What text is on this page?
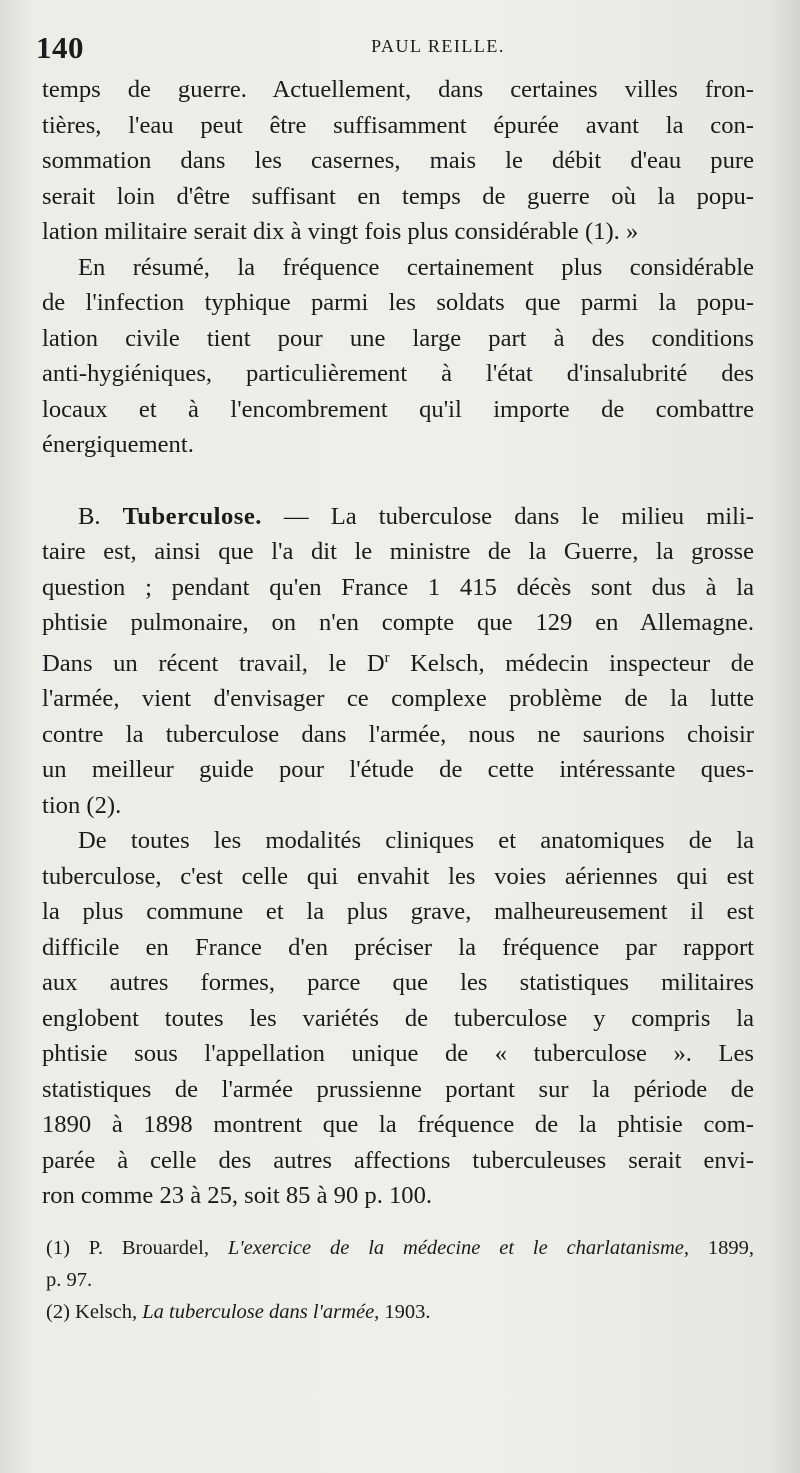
140	PAUL REILLE.

temps de guerre. Actuellement, dans certaines villes fron-

tières, l'eau peut être suffisamment épurée avant la con-

sommation dans les casernes, mais le débit d'eau pure

serait loin d'être suffisant en temps de guerre où la popu-

lation militaire serait dix à vingt fois plus considérable (1). »

En résumé, la fréquence certainement plus considérable

de l'infection typhique parmi les soldats que parmi la popu-

lation civile tient pour une large part à des conditions

anti-hygiéniques, particulièrement à l'état d'insalubrité des

locaux et à l'encombrement qu'il importe de combattre

énergiquement.

B. Tuberculose. — La tuberculose dans le milieu mili-

taire est, ainsi que l'a dit le ministre de la Guerre, la grosse

question ; pendant qu'en France 1 415 décès sont dus à la

phtisie pulmonaire, on n'en compte que 129 en Allemagne.

Dans un récent travail, le $D^r$ Kelsch, médecin inspecteur de

l'armée, vient d'envisager ce complexe problème de la lutte

contre la tuberculose dans l'armée, nous ne saurions choisir

un meilleur guide pour l'étude de cette intéressante ques-

tion (2).

De toutes les modalités cliniques et anatomiques de la

tuberculose, c'est celle qui envahit les voies aériennes qui est

la plus commune et la plus grave, malheureusement il est

difficile en France d'en préciser la fréquence par rapport

aux autres formes, parce que les statistiques militaires

englobent toutes les variétés de tuberculose y compris la

phtisie sous l'appellation unique de « tuberculose ». Les

statistiques de l'armée prussienne portant sur la période de

1890 à 1898 montrent que la fréquence de la phtisie com-

parée à celle des autres affections tuberculeuses serait envi-

ron comme 23 à 25, soit 85 à 90 p. 100.

(1) P. Brouardel, L'exercice de la médecine et le charlatanisme, 1899,

p. 97.

(2) Kelsch, La tuberculose dans l'armée, 1903.
